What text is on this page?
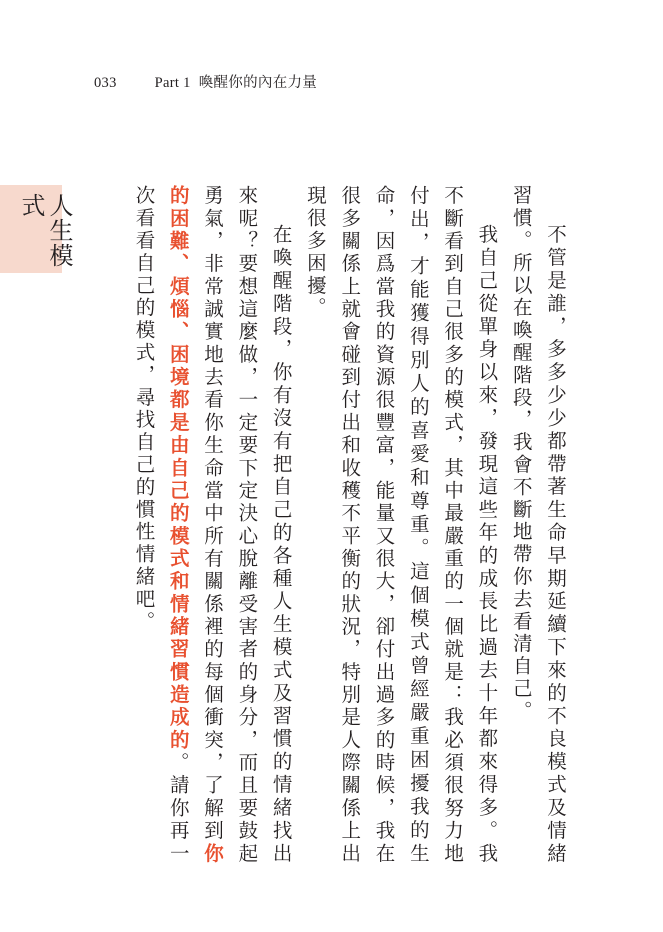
033	Part 1 喚醒你的內在力量
人生模式

不管是誰，多多少少都帶著生命早期延續下來的不良模式及情緒習慣。所以在喚醒階段，我會不斷地帶你去看清自己。

我自己從單身以來，發現這些年的成長比過去十年都來得多。我不斷看到自己很多的模式，其中最嚴重的一個就是：我必須很努力地付出，才能獲得別人的喜愛和尊重。這個模式曾經嚴重困擾我的生命，因爲當我的資源很豐富，能量又很大，卻付出過多的時候，我在很多關係上就會碰到付出和收穫不平衡的狀況，特別是人際關係上出現很多困擾。

在喚醒階段，你有沒有把自己的各種人生模式及習慣的情緒找出來呢？要想這麼做，一定要下定決心脫離受害者的身分，而且要鼓起勇氣，非常誠實地去看你生命當中所有關係裡的每個衝突，了解到你的困難、煩惱、困境都是由自己的模式和情緒習慣造成的。請你再一次看看自己的模式，尋找自己的慣性情緒吧。
